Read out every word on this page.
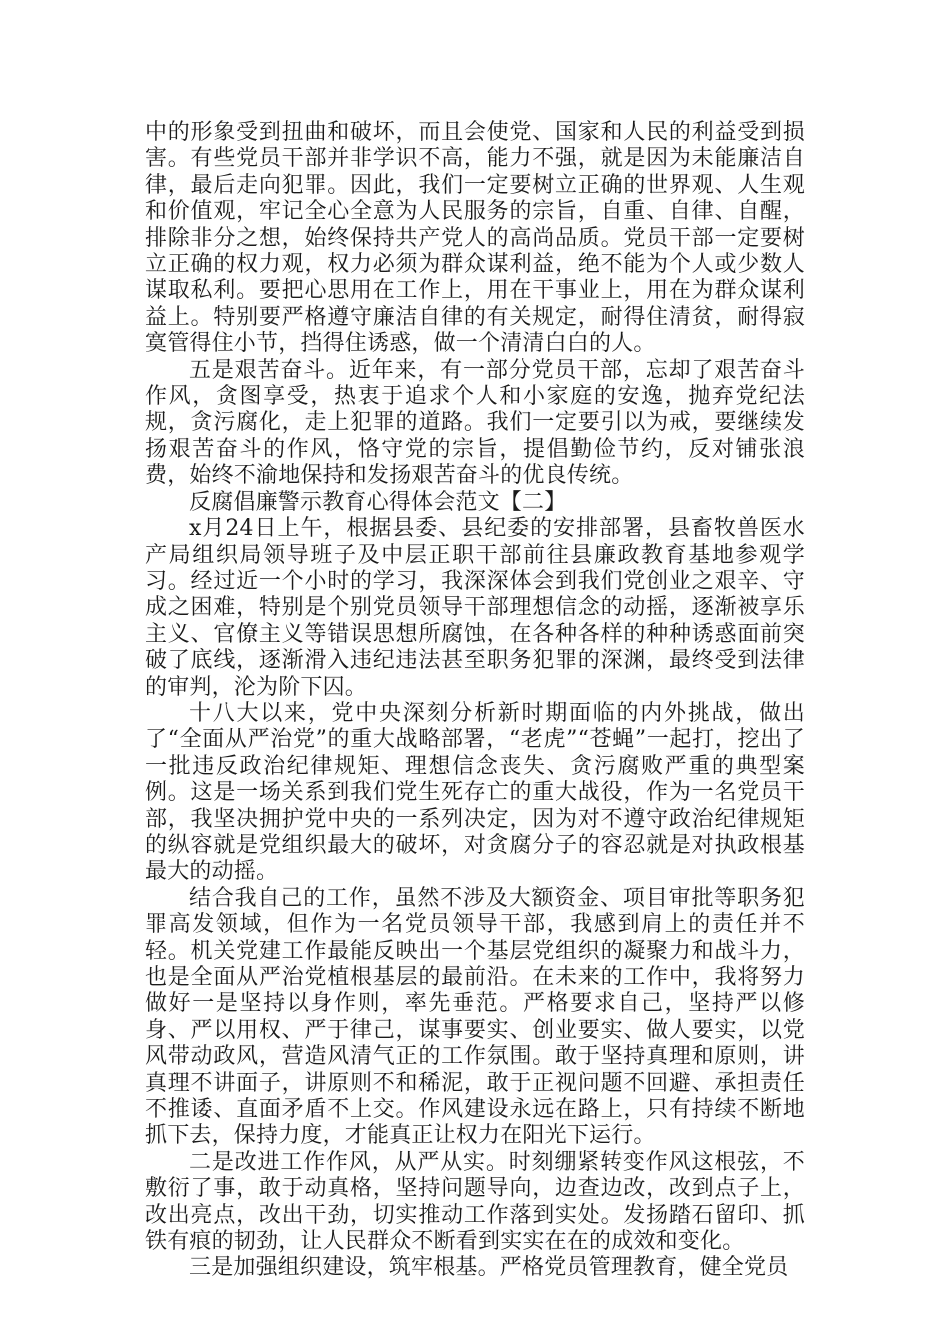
中的形象受到扭曲和破坏，而且会使党、国家和人民的利益受到损害。有些党员干部并非学识不高，能力不强，就是因为未能廉洁自律，最后走向犯罪。因此，我们一定要树立正确的世界观、人生观和价值观，牢记全心全意为人民服务的宗旨，自重、自律、自醒，排除非分之想，始终保持共产党人的高尚品质。党员干部一定要树立正确的权力观，权力必须为群众谋利益，绝不能为个人或少数人谋取私利。要把心思用在工作上，用在干事业上，用在为群众谋利益上。特别要严格遵守廉洁自律的有关规定，耐得住清贫，耐得寂寞管得住小节，挡得住诱惑，做一个清清白白的人。

五是艰苦奋斗。近年来，有一部分党员干部，忘却了艰苦奋斗作风，贪图享受，热衷于追求个人和小家庭的安逸，抛弃党纪法规，贪污腐化，走上犯罪的道路。我们一定要引以为戒，要继续发扬艰苦奋斗的作风，恪守党的宗旨，提倡勤俭节约，反对铺张浪费，始终不渝地保持和发扬艰苦奋斗的优良传统。

反腐倡廉警示教育心得体会范文【二】

x月24日上午，根据县委、县纪委的安排部署，县畜牧兽医水产局组织局领导班子及中层正职干部前往县廉政教育基地参观学习。经过近一个小时的学习，我深深体会到我们党创业之艰辛、守成之困难，特别是个别党员领导干部理想信念的动摇，逐渐被享乐主义、官僚主义等错误思想所腐蚀，在各种各样的种种诱惑面前突破了底线，逐渐滑入违纪违法甚至职务犯罪的深渊，最终受到法律的审判，沦为阶下囚。

十八大以来，党中央深刻分析新时期面临的内外挑战，做出了“全面从严治党”的重大战略部署，“老虎”“苍蝇”一起打，挖出了一批违反政治纪律规矩、理想信念丧失、贪污腐败严重的典型案例。这是一场关系到我们党生死存亡的重大战役，作为一名党员干部，我坚决拥护党中央的一系列决定，因为对不遵守政治纪律规矩的纵容就是党组织最大的破坏，对贪腐分子的容忍就是对执政根基最大的动摇。

结合我自己的工作，虽然不涉及大额资金、项目审批等职务犯罪高发领域，但作为一名党员领导干部，我感到肩上的责任并不轻。机关党建工作最能反映出一个基层党组织的凝聚力和战斗力，也是全面从严治党植根基层的最前沿。在未来的工作中，我将努力做好一是坚持以身作则，率先垂范。严格要求自己，坚持严以修身、严以用权、严于律己，谋事要实、创业要实、做人要实，以党风带动政风，营造风清气正的工作氛围。敢于坚持真理和原则，讲真理不讲面子，讲原则不和稀泥，敢于正视问题不回避、承担责任不推诿、直面矛盾不上交。作风建设永远在路上，只有持续不断地抓下去，保持力度，才能真正让权力在阳光下运行。

二是改进工作作风，从严从实。时刻绷紧转变作风这根弦，不敷衍了事，敢于动真格，坚持问题导向，边查边改，改到点子上，改出亮点，改出干劲，切实推动工作落到实处。发扬踏石留印、抓铁有痕的韧劲，让人民群众不断看到实实在在的成效和变化。

三是加强组织建设，筑牢根基。严格党员管理教育，健全党员
